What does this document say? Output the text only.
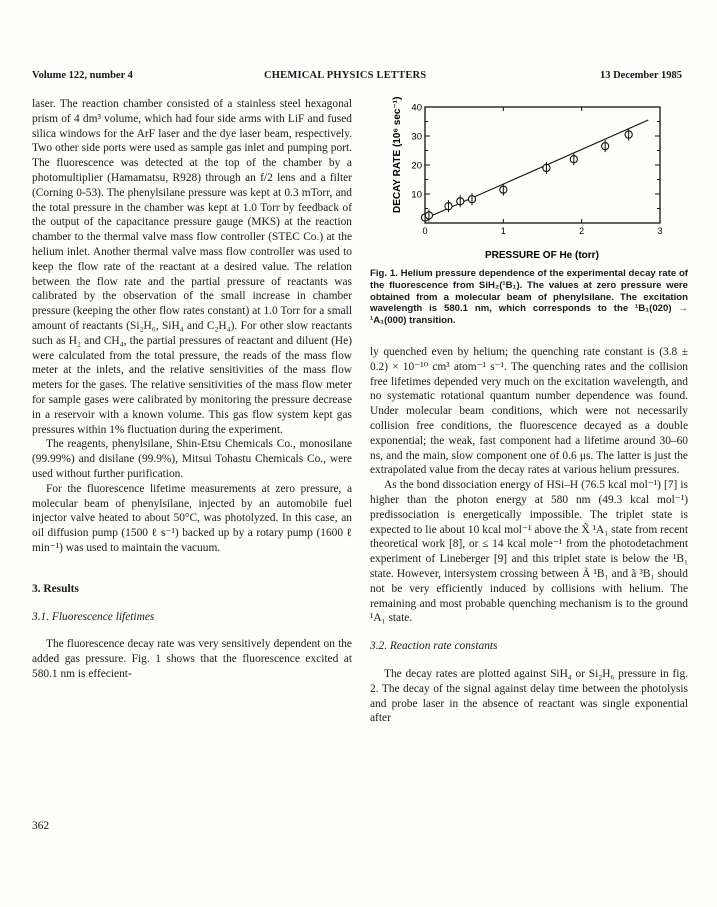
Volume 122, number 4	CHEMICAL PHYSICS LETTERS	13 December 1985

laser. The reaction chamber consisted of a stainless steel hexagonal prism of 4 dm³ volume, which had four side arms with LiF and fused silica windows for the ArF laser and the dye laser beam, respectively. Two other side ports were used as sample gas inlet and pumping port. The fluorescence was detected at the top of the chamber by a photomultiplier (Hamamatsu, R928) through an f/2 lens and a filter (Corning 0-53). The phenylsilane pressure was kept at 0.3 mTorr, and the total pressure in the chamber was kept at 1.0 Torr by feedback of the output of the capacitance pressure gauge (MKS) at the reaction chamber to the thermal valve mass flow controller (STEC Co.) at the helium inlet. Another thermal valve mass flow controller was used to keep the flow rate of the reactant at a desired value. The relation between the flow rate and the partial pressure of reactants was calibrated by the observation of the small increase in chamber pressure (keeping the other flow rates constant) at 1.0 Torr for a small amount of reactants (Si₂H₆, SiH₄ and C₂H₄). For other slow reactants such as H₂ and CH₄, the partial pressures of reactant and diluent (He) were calculated from the total pressure, the reads of the mass flow meter at the inlets, and the relative sensitivities of the mass flow meters for the gases. The relative sensitivities of the mass flow meter for sample gases were calibrated by monitoring the pressure decrease in a reservoir with a known volume. This gas flow system kept gas pressures within 1% fluctuation during the experiment.

The reagents, phenylsilane, Shin-Etsu Chemicals Co., monosilane (99.99%) and disilane (99.9%), Mitsui Tohastu Chemicals Co., were used without further purification.

For the fluorescence lifetime measurements at zero pressure, a molecular beam of phenylsilane, injected by an automobile fuel injector valve heated to about 50°C, was photolyzed. In this case, an oil diffusion pump (1500 ℓ s⁻¹) backed up by a rotary pump (1600 ℓ min⁻¹) was used to maintain the vacuum.

3. Results

3.1. Fluorescence lifetimes

The fluorescence decay rate was very sensitively dependent on the added gas pressure. Fig. 1 shows that the fluorescence excited at 580.1 nm is effecient-

0	1	2	3
10
20
30
40
DECAY RATE (10⁶ sec⁻¹)
PRESSURE OF He (torr)
Fig. 1. Helium pressure dependence of the experimental decay rate of the fluorescence from SiH₂(¹B₁). The values at zero pressure were obtained from a molecular beam of phenylsilane. The excitation wavelength is 580.1 nm, which corresponds to the ¹B₁(020) → ¹A₁(000) transition.

ly quenched even by helium; the quenching rate constant is (3.8 ± 0.2) × 10⁻¹⁰ cm³ atom⁻¹ s⁻¹. The quenching rates and the collision free lifetimes depended very much on the excitation wavelength, and no systematic rotational quantum number dependence was found. Under molecular beam conditions, which were not necessarily collision free conditions, the fluorescence decayed as a double exponential; the weak, fast component had a lifetime around 30–60 ns, and the main, slow component one of 0.6 μs. The latter is just the extrapolated value from the decay rates at various helium pressures.

As the bond dissociation energy of HSi–H (76.5 kcal mol⁻¹) [7] is higher than the photon energy at 580 nm (49.3 kcal mol⁻¹) predissociation is energetically impossible. The triplet state is expected to lie about 10 kcal mol⁻¹ above the X̃ ¹A₁ state from recent theoretical work [8], or ≤ 14 kcal mole⁻¹ from the photodetachment experiment of Lineberger [9] and this triplet state is below the ¹B₁ state. However, intersystem crossing between Ã ¹B₁ and ã ³B₁ should not be very efficiently induced by collisions with helium. The remaining and most probable quenching mechanism is to the ground ¹A₁ state.

3.2. Reaction rate constants

The decay rates are plotted against SiH₄ or Si₂H₆ pressure in fig. 2. The decay of the signal against delay time between the photolysis and probe laser in the absence of reactant was single exponential after

362
